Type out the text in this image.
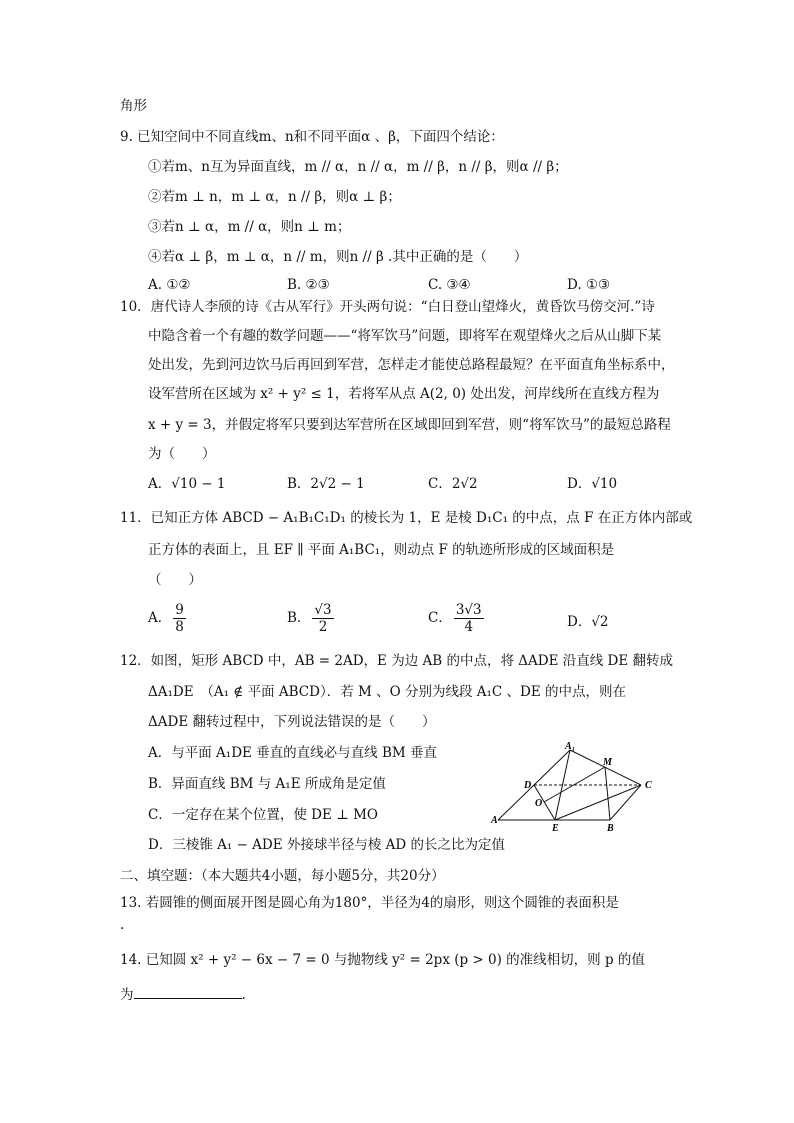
角形
9. 已知空间中不同直线m、n和不同平面α 、β，下面四个结论：
①若m、n互为异面直线，m // α，n // α，m // β，n // β，则α // β；
②若m ⊥ n，m ⊥ α，n // β，则α ⊥ β；
③若n ⊥ α，m // α，则n ⊥ m；
④若α ⊥ β，m ⊥ α，n // m，则n // β .其中正确的是（　　）
A. ①②	B. ②③	C. ③④	D. ①③
10．唐代诗人李颀的诗《古从军行》开头两句说：“白日登山望烽火，黄昏饮马傍交河.”诗
中隐含着一个有趣的数学问题——“将军饮马”问题，即将军在观望烽火之后从山脚下某
处出发，先到河边饮马后再回到军营，怎样走才能使总路程最短？在平面直角坐标系中，
设军营所在区域为 x² + y² ≤ 1，若将军从点 A(2, 0) 处出发，河岸线所在直线方程为
x + y = 3，并假定将军只要到达军营所在区域即回到军营，则“将军饮马”的最短总路程
为（　　）
A．√10 − 1	B．2√2 − 1	C．2√2	D．√10
11．已知正方体 ABCD − A₁B₁C₁D₁ 的棱长为 1，E 是棱 D₁C₁ 的中点，点 F 在正方体内部或
正方体的表面上，且 EF ∥ 平面 A₁BC₁，则动点 F 的轨迹所形成的区域面积是
（　　）
A． $\frac{9}{8}$	B． $\frac{√3}{2}$	C． $\frac{3√3}{4}$	D．√2
12．如图，矩形 ABCD 中，AB = 2AD，E 为边 AB 的中点，将 ΔADE 沿直线 DE 翻转成
ΔA₁DE　（A₁ ∉ 平面 ABCD）．若 M 、O 分别为线段 A₁C 、DE 的中点，则在
ΔADE 翻转过程中，下列说法错误的是（　　）
A．与平面 A₁DE 垂直的直线必与直线 BM 垂直
B．异面直线 BM 与 A₁E 所成角是定值
C．一定存在某个位置，使 DE ⊥ MO
D．三棱锥 A₁ − ADE 外接球半径与棱 AD 的长之比为定值
A₁
M
D	C
O
A
E	B
二、填空题：（本大题共4小题，每小题5分，共20分）
13. 若圆锥的侧面展开图是圆心角为180°，半径为4的扇形，则这个圆锥的表面积是
.
14. 已知圆 x² + y² − 6x − 7 = 0 与抛物线 y² = 2px (p > 0) 的准线相切，则 p 的值
为	.
